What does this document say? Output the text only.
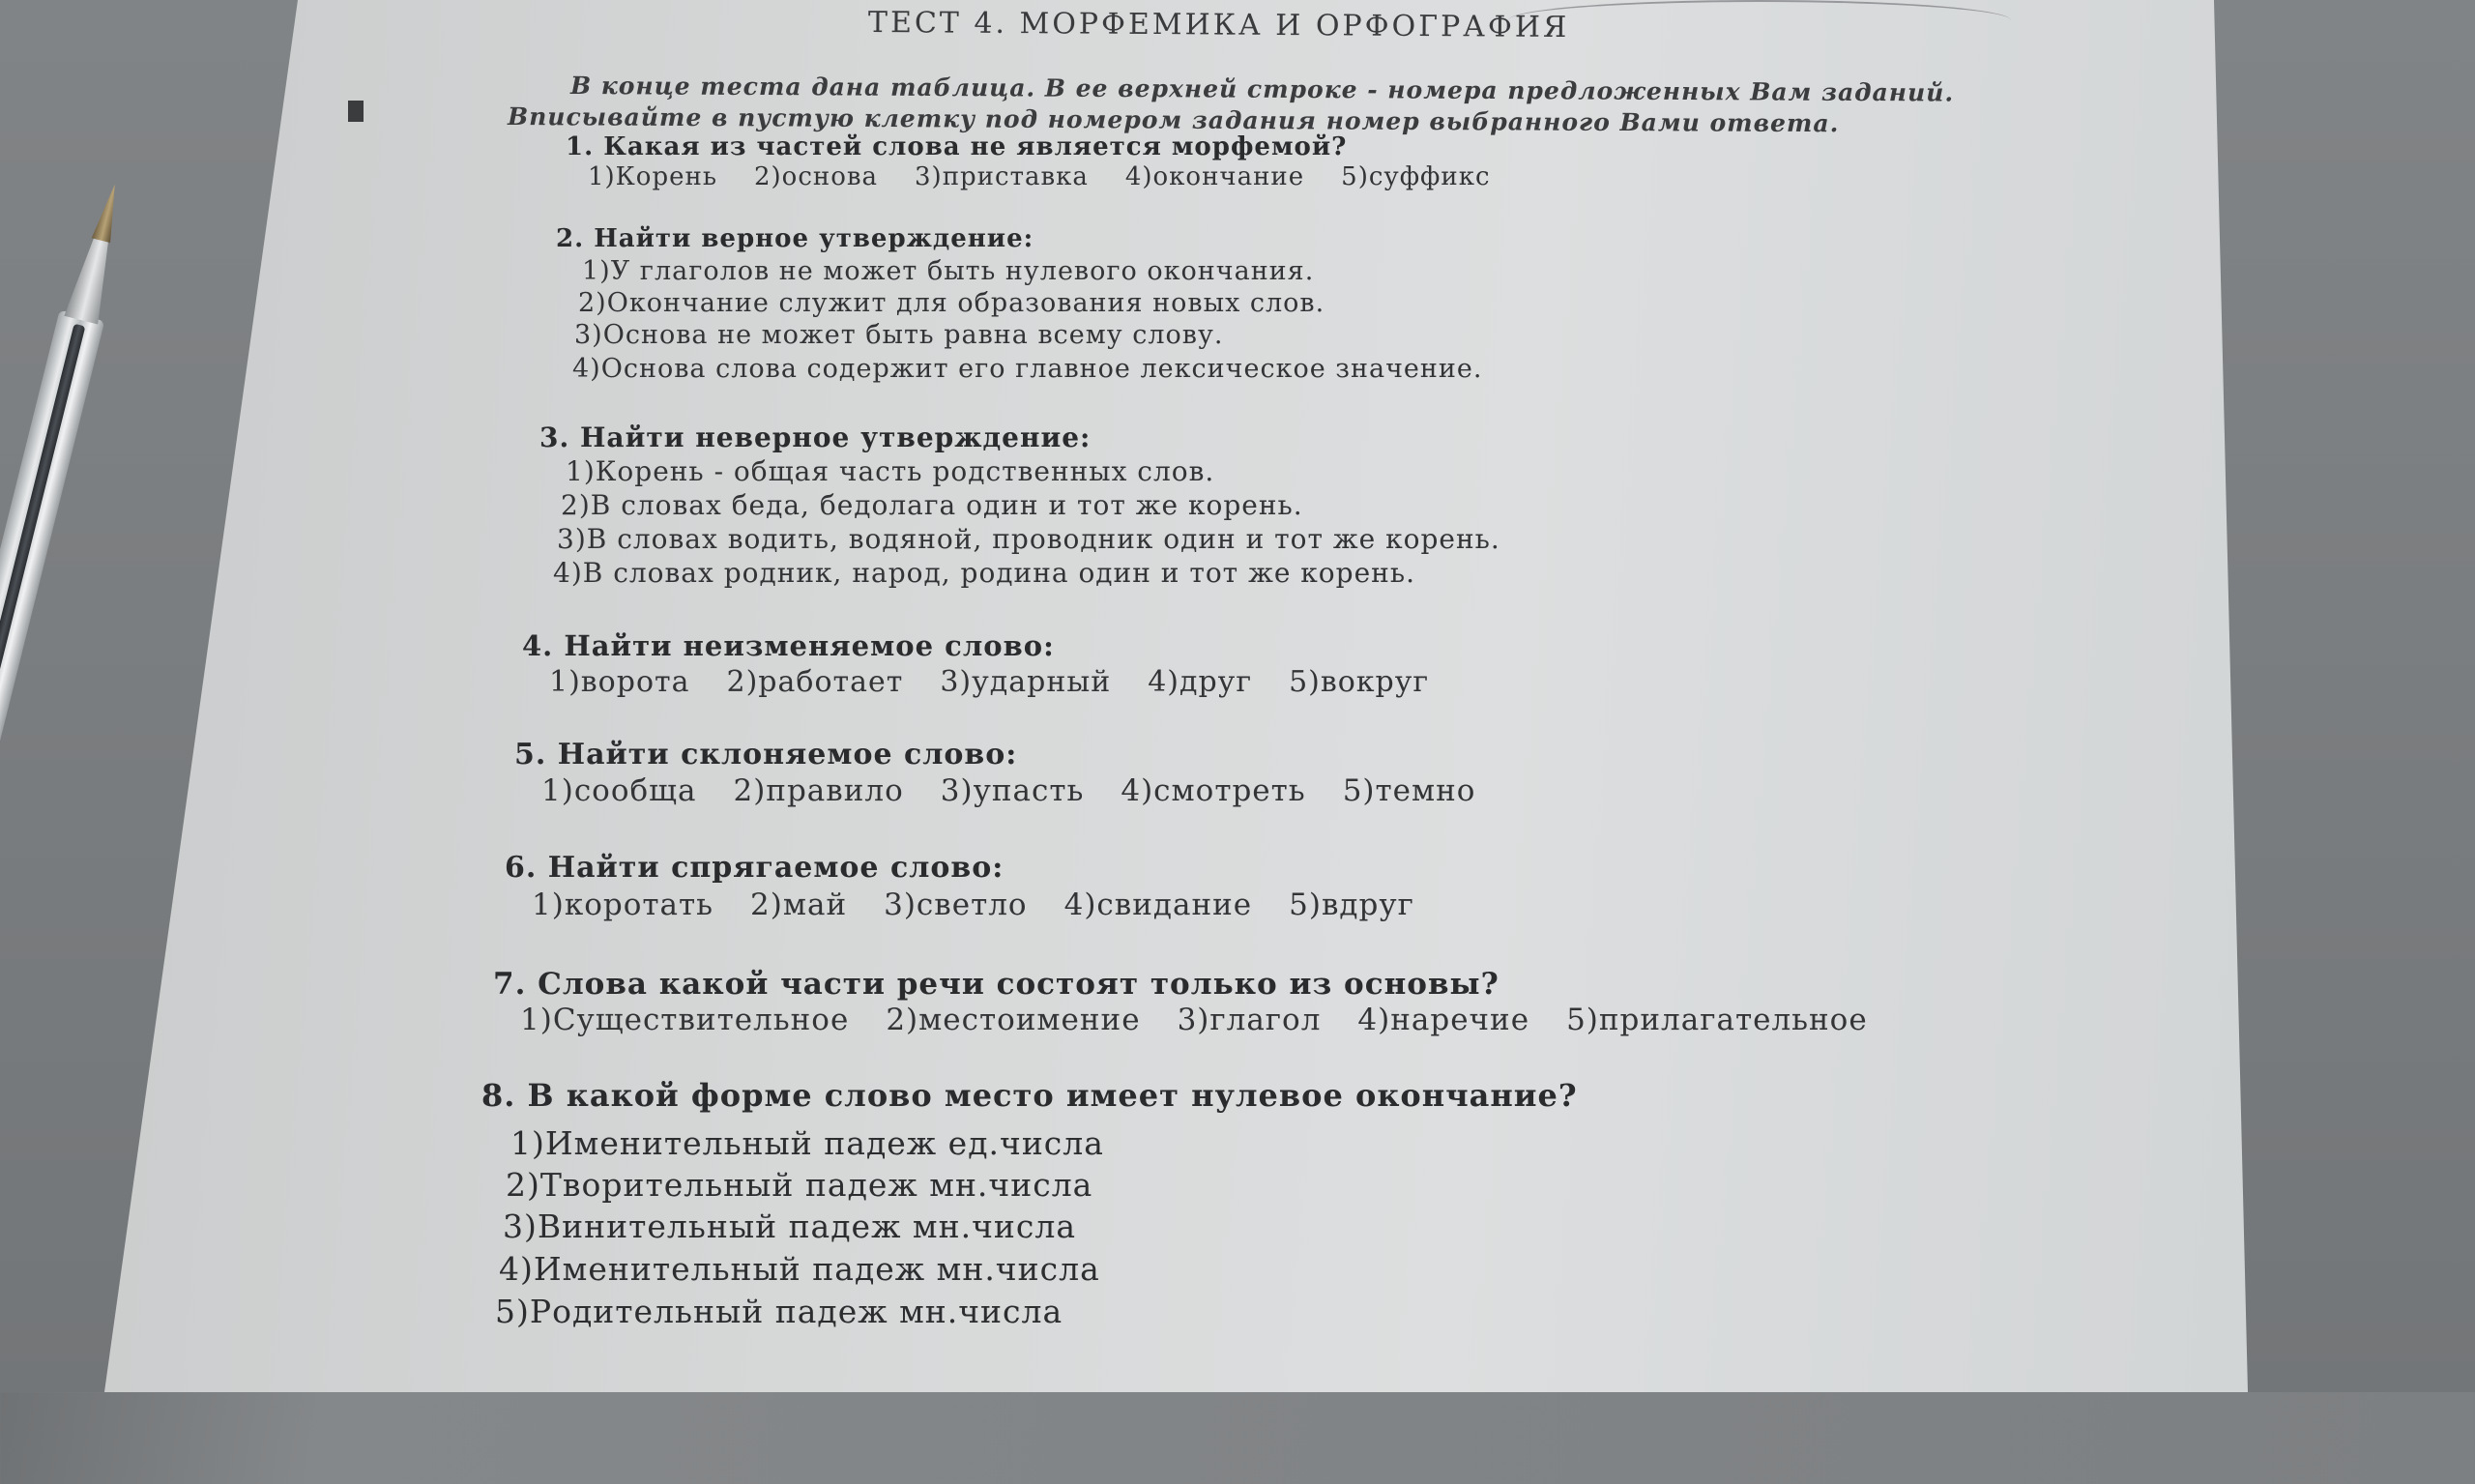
ТЕСТ 4. МОРФЕМИКА И ОРФОГРАФИЯ
В конце теста дана таблица. В ее верхней строке - номера предложенных Вам заданий.
Вписывайте в пустую клетку под номером задания номер выбранного Вами ответа.
1. Какая из частей слова не является морфемой?
1)Корень 2)основа 3)приставка 4)окончание 5)суффикс
2. Найти верное утверждение:
1)У глаголов не может быть нулевого окончания.
2)Окончание служит для образования новых слов.
3)Основа не может быть равна всему слову.
4)Основа слова содержит его главное лексическое значение.
3. Найти неверное утверждение:
1)Корень - общая часть родственных слов.
2)В словах беда, бедолага один и тот же корень.
3)В словах водить, водяной, проводник один и тот же корень.
4)В словах родник, народ, родина один и тот же корень.
4. Найти неизменяемое слово:
1)ворота 2)работает 3)ударный 4)друг 5)вокруг
5. Найти склоняемое слово:
1)сообща 2)правило 3)упасть 4)смотреть 5)темно
6. Найти спрягаемое слово:
1)коротать 2)май 3)светло 4)свидание 5)вдруг
7. Слова какой части речи состоят только из основы?
1)Существительное 2)местоимение 3)глагол 4)наречие 5)прилагательное
8. В какой форме слово место имеет нулевое окончание?
1)Именительный падеж ед.числа
2)Творительный падеж мн.числа
3)Винительный падеж мн.числа
4)Именительный падеж мн.числа
5)Родительный падеж мн.числа
